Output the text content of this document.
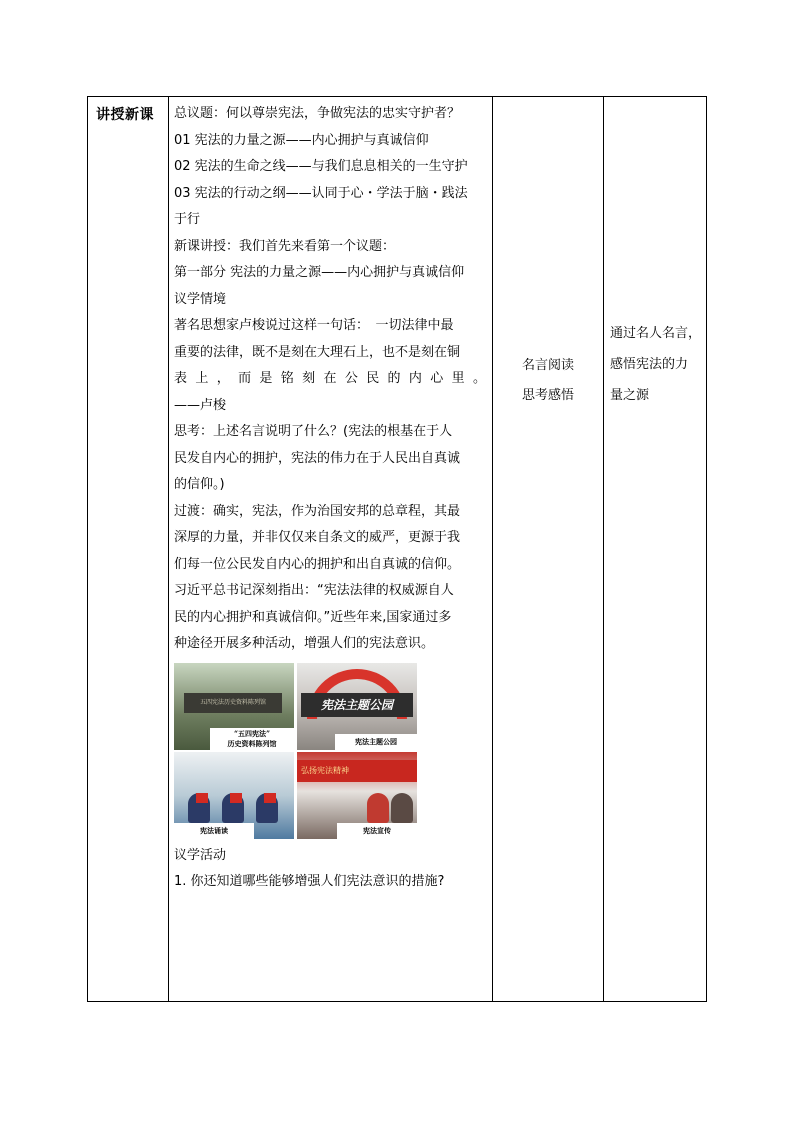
讲授新课	总议题：何以尊崇宪法，争做宪法的忠实守护者？
01 宪法的力量之源——内心拥护与真诚信仰
02 宪法的生命之线——与我们息息相关的一生守护
03 宪法的行动之纲——认同于心・学法于脑・践法
于行
新课讲授：我们首先来看第一个议题：
第一部分 宪法的力量之源——内心拥护与真诚信仰
议学情境
著名思想家卢梭说过这样一句话：　一切法律中最
重要的法律，既不是刻在大理石上，也不是刻在铜
表上，而是铭刻在公民的内心里。
——卢梭
思考：上述名言说明了什么？(宪法的根基在于人
民发自内心的拥护，宪法的伟力在于人民出自真诚
的信仰。)
过渡：确实，宪法，作为治国安邦的总章程，其最
深厚的力量，并非仅仅来自条文的威严，更源于我
们每一位公民发自内心的拥护和出自真诚的信仰。
习近平总书记深刻指出：“宪法法律的权威源自人
民的内心拥护和真诚信仰。”近些年来,国家通过多
种途径开展多种活动，增强人们的宪法意识。
五四宪法历史资料陈列馆
“五四宪法”
历史资料陈列馆
宪法主题公园
宪法主题公园
宪法诵读
弘扬宪法精神
宪法宣传
议学活动
1. 你还知道哪些能够增强人们宪法意识的措施?
名言阅读
思考感悟
通过名人名言，
感悟宪法的力
量之源
